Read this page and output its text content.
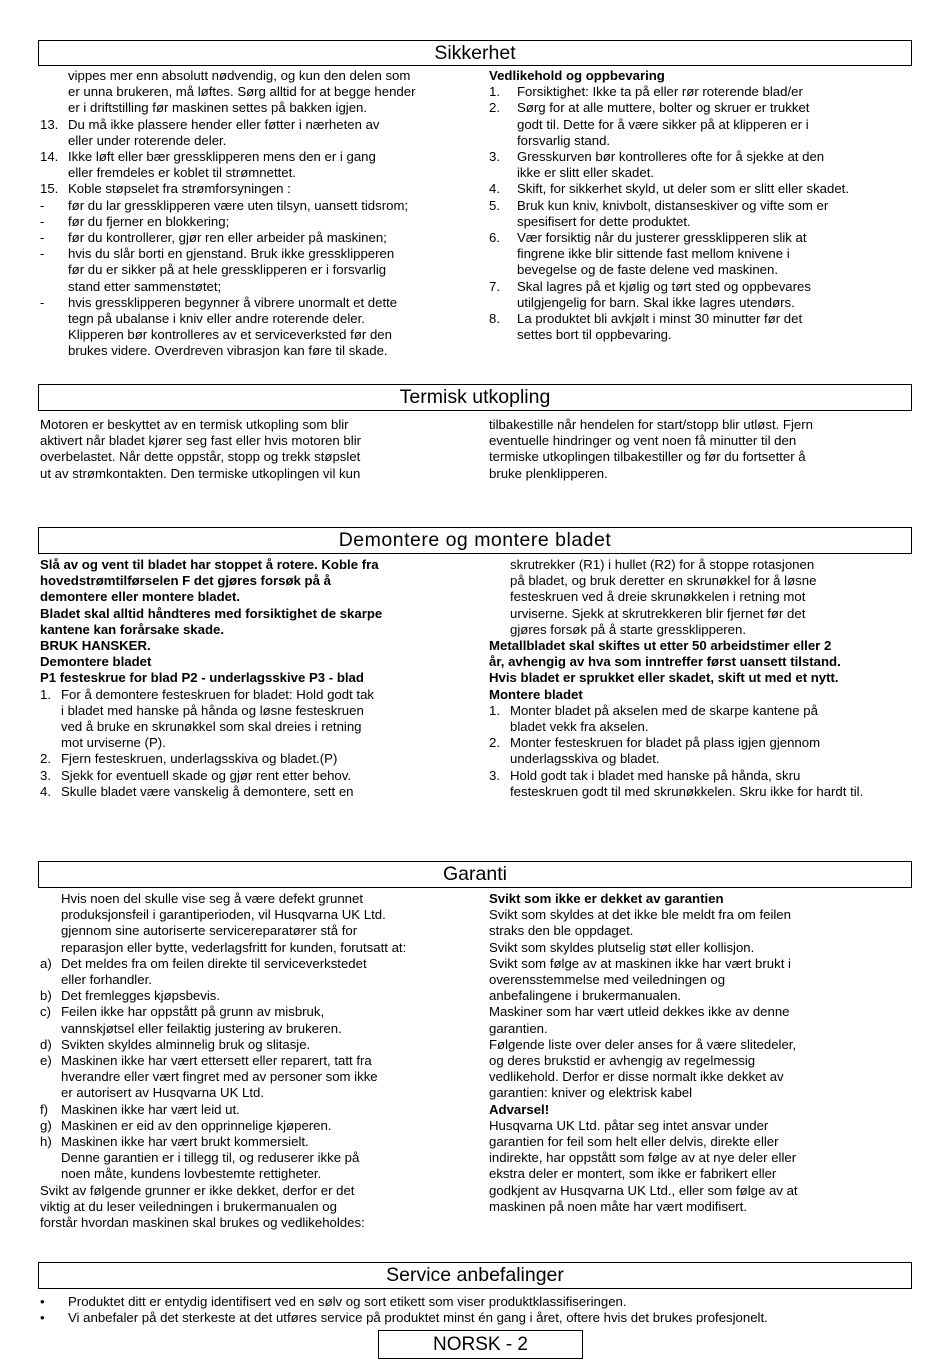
Sikkerhet
Termisk utkopling
Demontere og montere bladet
Garanti
Service anbefalinger
vippes mer enn absolutt nødvendig, og kun den delen som
er unna brukeren, må løftes. Sørg alltid for at begge hender
er i driftstilling før maskinen settes på bakken igjen.
13. Du må ikke plassere hender eller føtter i nærheten av
eller under roterende deler.
14. Ikke løft eller bær gressklipperen mens den er i gang
eller fremdeles er koblet til strømnettet.
15. Koble støpselet fra strømforsyningen :
- før du lar gressklipperen være uten tilsyn, uansett tidsrom;
- før du fjerner en blokkering;
- før du kontrollerer, gjør ren eller arbeider på maskinen;
- hvis du slår borti en gjenstand. Bruk ikke gressklipperen
før du er sikker på at hele gressklipperen er i forsvarlig
stand etter sammenstøtet;
- hvis gressklipperen begynner å vibrere unormalt et dette
tegn på ubalanse i kniv eller andre roterende deler.
Klipperen bør kontrolleres av et serviceverksted før den
brukes videre. Overdreven vibrasjon kan føre til skade.
Vedlikehold og oppbevaring
1. Forsiktighet: Ikke ta på eller rør roterende blad/er
2. Sørg for at alle muttere, bolter og skruer er trukket
godt til. Dette for å være sikker på at klipperen er i
forsvarlig stand.
3. Gresskurven bør kontrolleres ofte for å sjekke at den
ikke er slitt eller skadet.
4. Skift, for sikkerhet skyld, ut deler som er slitt eller skadet.
5. Bruk kun kniv, knivbolt, distanseskiver og vifte som er
spesifisert for dette produktet.
6. Vær forsiktig når du justerer gressklipperen slik at
fingrene ikke blir sittende fast mellom knivene i
bevegelse og de faste delene ved maskinen.
7. Skal lagres på et kjølig og tørt sted og oppbevares
utilgjengelig for barn. Skal ikke lagres utendørs.
8. La produktet bli avkjølt i minst 30 minutter før det
settes bort til oppbevaring.
Motoren er beskyttet av en termisk utkopling som blir
aktivert når bladet kjører seg fast eller hvis motoren blir
overbelastet. Når dette oppstår, stopp og trekk støpslet
ut av strømkontakten. Den termiske utkoplingen vil kun
tilbakestille når hendelen for start/stopp blir utløst. Fjern
eventuelle hindringer og vent noen få minutter til den
termiske utkoplingen tilbakestiller og før du fortsetter å
bruke plenklipperen.
Slå av og vent til bladet har stoppet å rotere. Koble fra
hovedstrømtilførselen F det gjøres forsøk på å
demontere eller montere bladet.
Bladet skal alltid håndteres med forsiktighet de skarpe
kantene kan forårsake skade.
BRUK HANSKER.
Demontere bladet
P1 festeskrue for blad P2 - underlagsskive P3 - blad
1. For å demontere festeskruen for bladet: Hold godt tak
i bladet med hanske på hånda og løsne festeskruen
ved å bruke en skrunøkkel som skal dreies i retning
mot urviserne (P).
2. Fjern festeskruen, underlagsskiva og bladet.(P)
3. Sjekk for eventuell skade og gjør rent etter behov.
4. Skulle bladet være vanskelig å demontere, sett en
skrutrekker (R1) i hullet (R2) for å stoppe rotasjonen
på bladet, og bruk deretter en skrunøkkel for å løsne
festeskruen ved å dreie skrunøkkelen i retning mot
urviserne. Sjekk at skrutrekkeren blir fjernet før det
gjøres forsøk på å starte gressklipperen.
Metallbladet skal skiftes ut etter 50 arbeidstimer eller 2
år, avhengig av hva som inntreffer først uansett tilstand.
Hvis bladet er sprukket eller skadet, skift ut med et nytt.
Montere bladet
1. Monter bladet på akselen med de skarpe kantene på
bladet vekk fra akselen.
2. Monter festeskruen for bladet på plass igjen gjennom
underlagsskiva og bladet.
3. Hold godt tak i bladet med hanske på hånda, skru
festeskruen godt til med skrunøkkelen. Skru ikke for hardt til.
Hvis noen del skulle vise seg å være defekt grunnet
produksjonsfeil i garantiperioden, vil Husqvarna UK Ltd.
gjennom sine autoriserte servicereparatører stå for
reparasjon eller bytte, vederlagsfritt for kunden, forutsatt at:
a) Det meldes fra om feilen direkte til serviceverkstedet
eller forhandler.
b) Det fremlegges kjøpsbevis.
c) Feilen ikke har oppstått på grunn av misbruk,
vannskjøtsel eller feilaktig justering av brukeren.
d) Svikten skyldes alminnelig bruk og slitasje.
e) Maskinen ikke har vært ettersett eller reparert, tatt fra
hverandre eller vært fingret med av personer som ikke
er autorisert av Husqvarna UK Ltd.
f) Maskinen ikke har vært leid ut.
g) Maskinen er eid av den opprinnelige kjøperen.
h) Maskinen ikke har vært brukt kommersielt.
Denne garantien er i tillegg til, og reduserer ikke på
noen måte, kundens lovbestemte rettigheter.
Svikt av følgende grunner er ikke dekket, derfor er det
viktig at du leser veiledningen i brukermanualen og
forstår hvordan maskinen skal brukes og vedlikeholdes:
Svikt som ikke er dekket av garantien
Svikt som skyldes at det ikke ble meldt fra om feilen
straks den ble oppdaget.
Svikt som skyldes plutselig støt eller kollisjon.
Svikt som følge av at maskinen ikke har vært brukt i
overensstemmelse med veiledningen og
anbefalingene i brukermanualen.
Maskiner som har vært utleid dekkes ikke av denne
garantien.
Følgende liste over deler anses for å være slitedeler,
og deres brukstid er avhengig av regelmessig
vedlikehold. Derfor er disse normalt ikke dekket av
garantien: kniver og elektrisk kabel
Advarsel!
Husqvarna UK Ltd. påtar seg intet ansvar under
garantien for feil som helt eller delvis, direkte eller
indirekte, har oppstått som følge av at nye deler eller
ekstra deler er montert, som ikke er fabrikert eller
godkjent av Husqvarna UK Ltd., eller som følge av at
maskinen på noen måte har vært modifisert.
• Produktet ditt er entydig identifisert ved en sølv og sort etikett som viser produktklassifiseringen.
• Vi anbefaler på det sterkeste at det utføres service på produktet minst én gang i året, oftere hvis det brukes profesjonelt.
NORSK - 2
